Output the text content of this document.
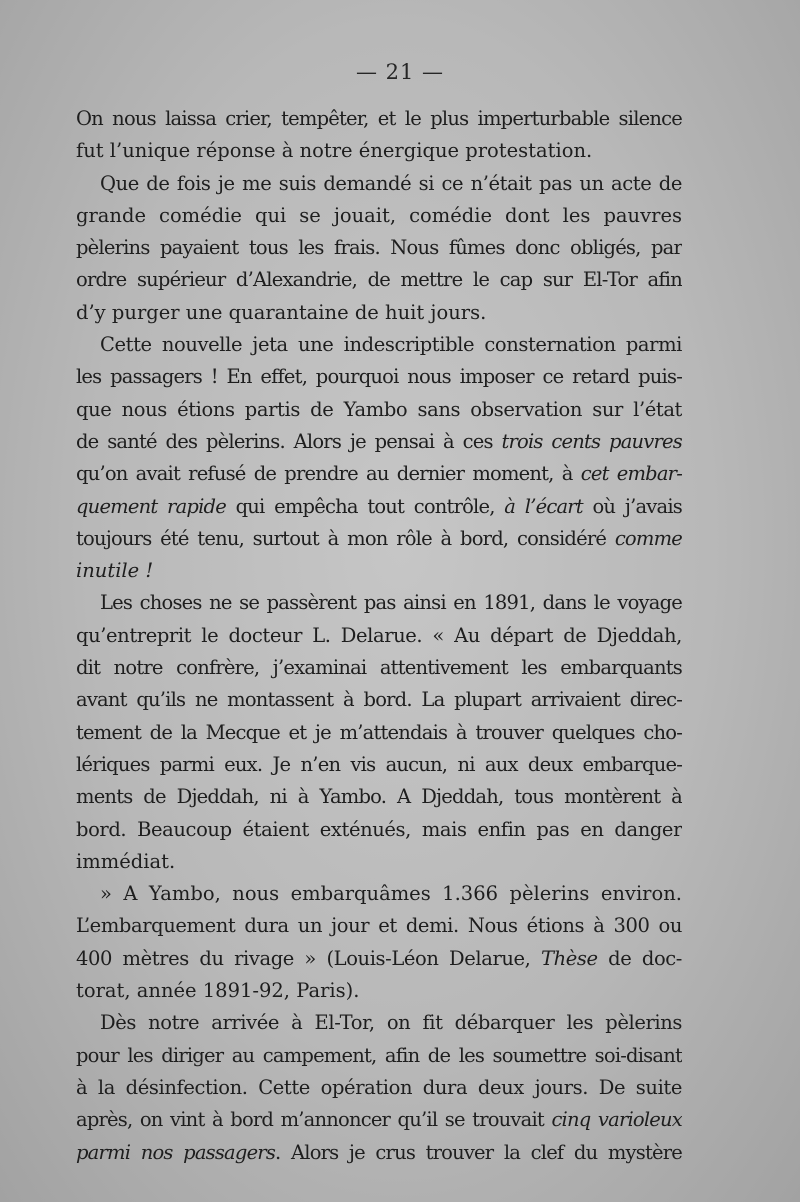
— 21 —
On nous laissa crier, tempêter, et le plus imperturbable silence
fut l’unique réponse à notre énergique protestation.
Que de fois je me suis demandé si ce n’était pas un acte de
grande comédie qui se jouait, comédie dont les pauvres
pèlerins payaient tous les frais. Nous fûmes donc obligés, par
ordre supérieur d’Alexandrie, de mettre le cap sur El-Tor afin
d’y purger une quarantaine de huit jours.
Cette nouvelle jeta une indescriptible consternation parmi
les passagers ! En effet, pourquoi nous imposer ce retard puis-
que nous étions partis de Yambo sans observation sur l’état
de santé des pèlerins. Alors je pensai à ces trois cents pauvres
qu’on avait refusé de prendre au dernier moment, à cet embar-
quement rapide qui empêcha tout contrôle, à l’écart où j’avais
toujours été tenu, surtout à mon rôle à bord, considéré comme
inutile !
Les choses ne se passèrent pas ainsi en 1891, dans le voyage
qu’entreprit le docteur L. Delarue. « Au départ de Djeddah,
dit notre confrère, j’examinai attentivement les embarquants
avant qu’ils ne montassent à bord. La plupart arrivaient direc-
tement de la Mecque et je m’attendais à trouver quelques cho-
lériques parmi eux. Je n’en vis aucun, ni aux deux embarque-
ments de Djeddah, ni à Yambo. A Djeddah, tous montèrent à
bord. Beaucoup étaient exténués, mais enfin pas en danger
immédiat.
» A Yambo, nous embarquâmes 1.366 pèlerins environ.
L’embarquement dura un jour et demi. Nous étions à 300 ou
400 mètres du rivage » (Louis-Léon Delarue, Thèse de doc-
torat, année 1891-92, Paris).
Dès notre arrivée à El-Tor, on fit débarquer les pèlerins
pour les diriger au campement, afin de les soumettre soi-disant
à la désinfection. Cette opération dura deux jours. De suite
après, on vint à bord m’annoncer qu’il se trouvait cinq varioleux
parmi nos passagers. Alors je crus trouver la clef du mystère
